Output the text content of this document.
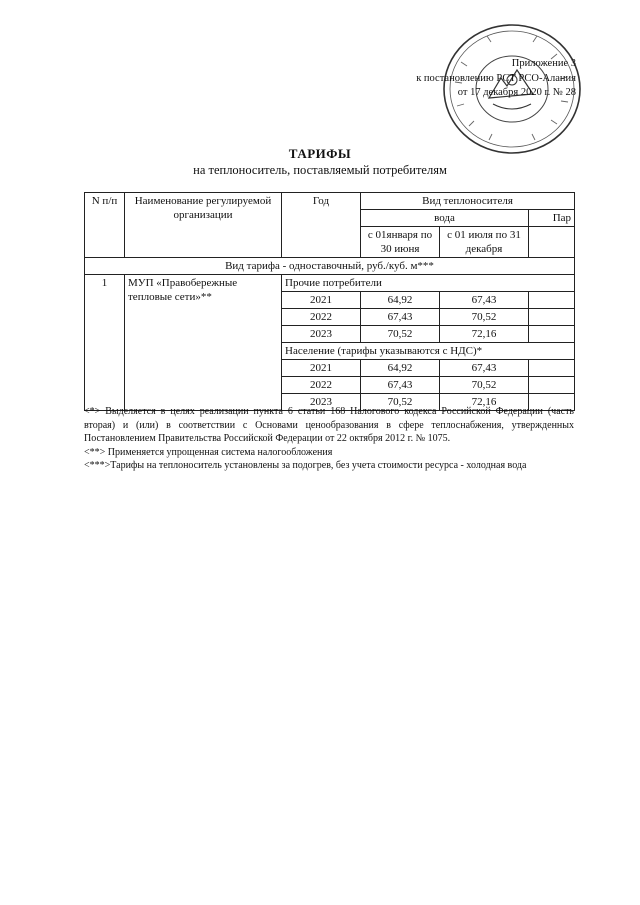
Приложение 3
к постановлению РСТ РСО-Алания
от 17 декабря 2020 г. № 28
ТАРИФЫ
на теплоноситель, поставляемый потребителям
N п/п	Наименование регулируемой организации	Год	Вид теплоносителя		
			вода		Пар
			с 01января по 30 июня	с 01 июля по 31 декабря	
Вид тарифа - одноставочный, руб./куб. м***					
1	МУП «Правобережные тепловые сети»**	Прочие потребители			
		2021	64,92	67,43	
		2022	67,43	70,52	
		2023	70,52	72,16	
		Население (тарифы указываются с НДС)*			
		2021	64,92	67,43	
		2022	67,43	70,52	
		2023	70,52	72,16	

<*> Выделяется в целях реализации пункта 6 статьи 168 Налогового кодекса Российской Федерации (часть вторая) и (или) в соответствии с Основами ценообразования в сфере теплоснабжения, утвержденных Постановлением Правительства Российской Федерации от 22 октября 2012 г. № 1075.

<**> Применяется упрощенная система налогообложения

<***>Тарифы на теплоноситель установлены за подогрев, без учета стоимости ресурса - холодная вода
